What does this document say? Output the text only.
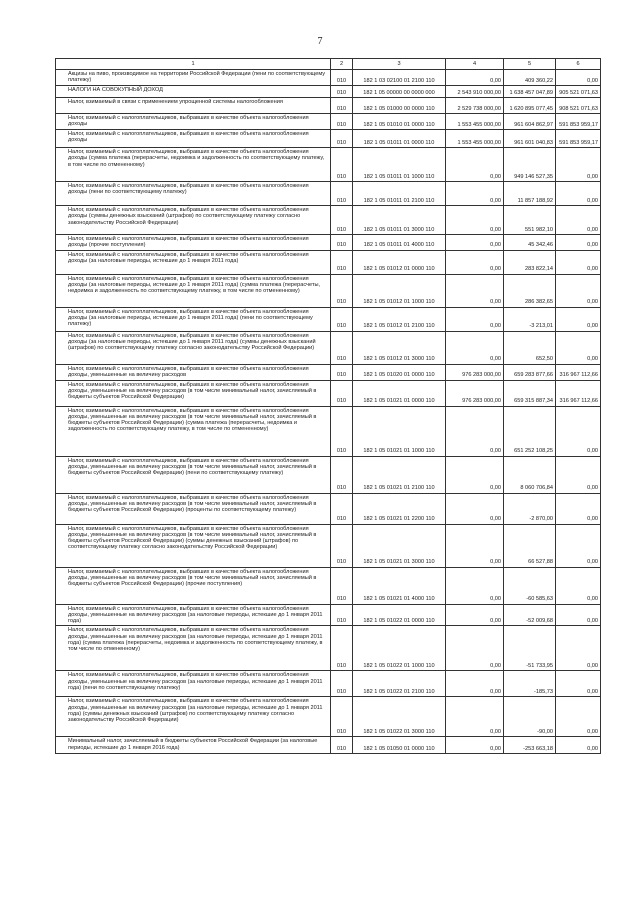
7
1	2	3	4	5	6
Акцизы на пиво, производимое на территории Российской Федерации (пени по соответствующему платежу)	010	182 1 03 02100 01 2100 110	0,00	409 360,22	0,00
НАЛОГИ НА СОВОКУПНЫЙ ДОХОД	010	182 1 05 00000 00 0000 000	2 543 910 000,00	1 638 457 047,89	905 521 071,63
Налог, взимаемый в связи с применением упрощенной системы налогообложения	010	182 1 05 01000 00 0000 110	2 529 738 000,00	1 620 895 077,45	908 521 071,63
Налог, взимаемый с налогоплательщиков, выбравших в качестве объекта налогообложения доходы	010	182 1 05 01010 01 0000 110	1 553 455 000,00	961 604 862,97	591 853 959,17
Налог, взимаемый с налогоплательщиков, выбравших в качестве объекта налогообложения доходы	010	182 1 05 01011 01 0000 110	1 553 455 000,00	961 601 040,83	591 853 959,17
Налог, взимаемый с налогоплательщиков, выбравших в качестве объекта налогообложения доходы (сумма платежа (перерасчеты, недоимка и задолженность по соответствующему платежу, в том числе по отмененному)	010	182 1 05 01011 01 1000 110	0,00	949 146 527,35	0,00
Налог, взимаемый с налогоплательщиков, выбравших в качестве объекта налогообложения доходы (пени по соответствующему платежу)	010	182 1 05 01011 01 2100 110	0,00	11 857 188,92	0,00
Налог, взимаемый с налогоплательщиков, выбравших в качестве объекта налогообложения доходы (суммы денежных взысканий (штрафов) по соответствующему платежу согласно законодательству Российской Федерации)	010	182 1 05 01011 01 3000 110	0,00	551 982,10	0,00
Налог, взимаемый с налогоплательщиков, выбравших в качестве объекта налогообложения доходы (прочие поступления)	010	182 1 05 01011 01 4000 110	0,00	45 342,46	0,00
Налог, взимаемый с налогоплательщиков, выбравших в качестве объекта налогообложения доходы (за налоговые периоды, истекшие до 1 января 2011 года)	010	182 1 05 01012 01 0000 110	0,00	283 822,14	0,00
Налог, взимаемый с налогоплательщиков, выбравших в качестве объекта налогообложения доходы (за налоговые периоды, истекшие до 1 января 2011 года) (сумма платежа (перерасчеты, недоимка и задолженность по соответствующему платежу, в том числе по отмененному)	010	182 1 05 01012 01 1000 110	0,00	286 382,65	0,00
Налог, взимаемый с налогоплательщиков, выбравших в качестве объекта налогообложения доходы (за налоговые периоды, истекшие до 1 января 2011 года) (пени по соответствующему платежу)	010	182 1 05 01012 01 2100 110	0,00	-3 213,01	0,00
Налог, взимаемый с налогоплательщиков, выбравших в качестве объекта налогообложения доходы (за налоговые периоды, истекшие до 1 января 2011 года) (суммы денежных взысканий (штрафов) по соответствующему платежу согласно законодательству Российской Федерации)	010	182 1 05 01012 01 3000 110	0,00	652,50	0,00
Налог, взимаемый с налогоплательщиков, выбравших в качестве объекта налогообложения доходы, уменьшенные на величину расходов	010	182 1 05 01020 01 0000 110	976 283 000,00	659 283 877,66	316 967 112,66
Налог, взимаемый с налогоплательщиков, выбравших в качестве объекта налогообложения доходы, уменьшенные на величину расходов (в том числе минимальный налог, зачисляемый в бюджеты субъектов Российской Федерации)	010	182 1 05 01021 01 0000 110	976 283 000,00	659 315 887,34	316 967 112,66
Налог, взимаемый с налогоплательщиков, выбравших в качестве объекта налогообложения доходы, уменьшенные на величину расходов (в том числе минимальный налог, зачисляемый в бюджеты субъектов Российской Федерации) (сумма платежа (перерасчеты, недоимка и задолженность по соответствующему платежу, в том числе по отмененному)	010	182 1 05 01021 01 1000 110	0,00	651 252 108,25	0,00
Налог, взимаемый с налогоплательщиков, выбравших в качестве объекта налогообложения доходы, уменьшенные на величину расходов (в том числе минимальный налог, зачисляемый в бюджеты субъектов Российской Федерации) (пени по соответствующему платежу)	010	182 1 05 01021 01 2100 110	0,00	8 060 706,84	0,00
Налог, взимаемый с налогоплательщиков, выбравших в качестве объекта налогообложения доходы, уменьшенные на величину расходов (в том числе минимальный налог, зачисляемый в бюджеты субъектов Российской Федерации) (проценты по соответствующему платежу)	010	182 1 05 01021 01 2200 110	0,00	-2 870,00	0,00
Налог, взимаемый с налогоплательщиков, выбравших в качестве объекта налогообложения доходы, уменьшенные на величину расходов (в том числе минимальный налог, зачисляемый в бюджеты субъектов Российской Федерации) (суммы денежных взысканий (штрафов) по соответствующему платежу согласно законодательству Российской Федерации)	010	182 1 05 01021 01 3000 110	0,00	66 527,88	0,00
Налог, взимаемый с налогоплательщиков, выбравших в качестве объекта налогообложения доходы, уменьшенные на величину расходов (в том числе минимальный налог, зачисляемый в бюджеты субъектов Российской Федерации) (прочие поступления)	010	182 1 05 01021 01 4000 110	0,00	-60 585,63	0,00
Налог, взимаемый с налогоплательщиков, выбравших в качестве объекта налогообложения доходы, уменьшенные на величину расходов (за налоговые периоды, истекшие до 1 января 2011 года)	010	182 1 05 01022 01 0000 110	0,00	-52 009,68	0,00
Налог, взимаемый с налогоплательщиков, выбравших в качестве объекта налогообложения доходы, уменьшенные на величину расходов (за налоговые периоды, истекшие до 1 января 2011 года) (сумма платежа (перерасчеты, недоимка и задолженность по соответствующему платежу, в том числе по отмененному)	010	182 1 05 01022 01 1000 110	0,00	-51 733,95	0,00
Налог, взимаемый с налогоплательщиков, выбравших в качестве объекта налогообложения доходы, уменьшенные на величину расходов (за налоговые периоды, истекшие до 1 января 2011 года) (пени по соответствующему платежу)	010	182 1 05 01022 01 2100 110	0,00	-185,73	0,00
Налог, взимаемый с налогоплательщиков, выбравших в качестве объекта налогообложения доходы, уменьшенные на величину расходов (за налоговые периоды, истекшие до 1 января 2011 года) (суммы денежных взысканий (штрафов) по соответствующему платежу согласно законодательству Российской Федерации)	010	182 1 05 01022 01 3000 110	0,00	-90,00	0,00
Минимальный налог, зачисляемый в бюджеты субъектов Российской Федерации (за налоговые периоды, истекшие до 1 января 2016 года)	010	182 1 05 01050 01 0000 110	0,00	-253 663,18	0,00
